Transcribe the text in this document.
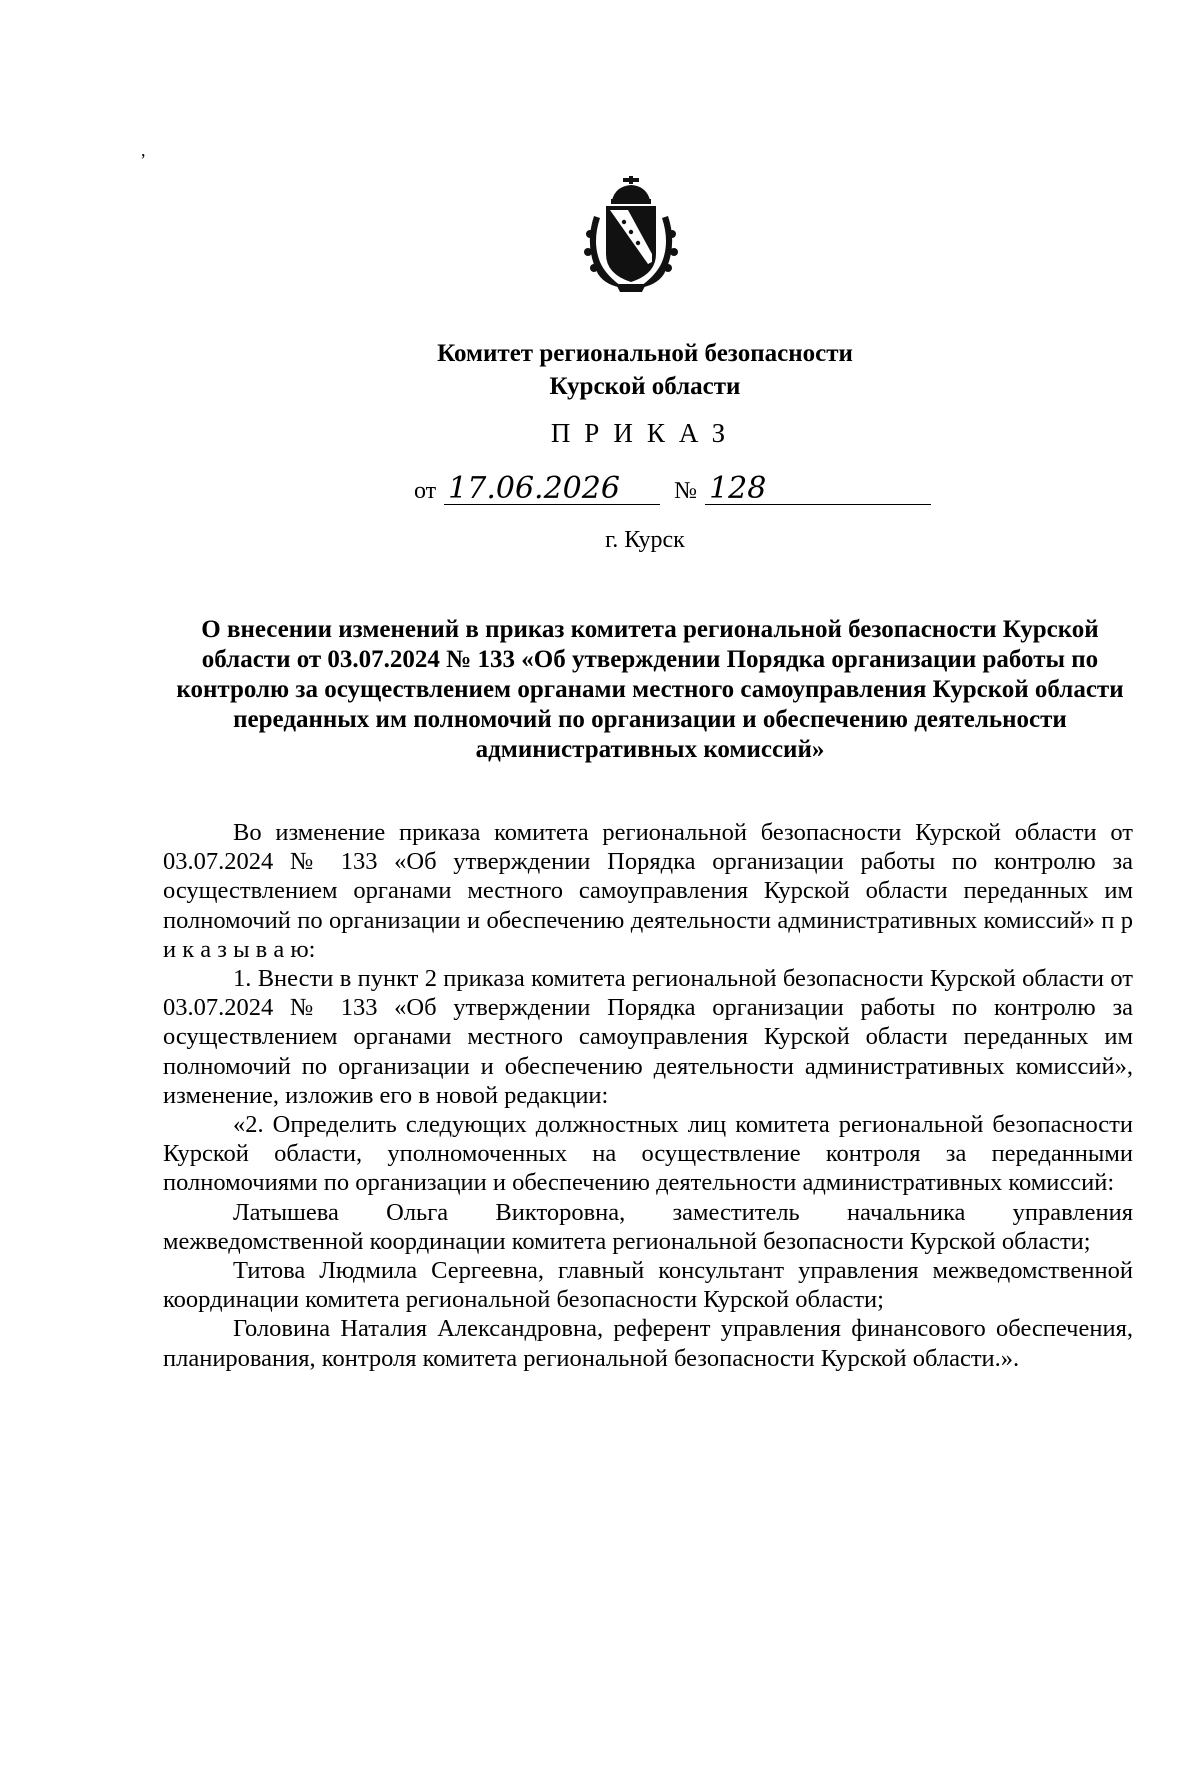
,
Комитет региональной безопасности
Курской области
ПРИКАЗ
от 17.06.2026	№ 128
г. Курск
О внесении изменений в приказ комитета региональной безопасности Курской области от 03.07.2024 № 133 «Об утверждении Порядка организации работы по контролю за осуществлением органами местного самоуправления Курской области переданных им полномочий по организации и обеспечению деятельности административных комиссий»

Во изменение приказа комитета региональной безопасности Курской области от 03.07.2024 № 133 «Об утверждении Порядка организации работы по контролю за осуществлением органами местного самоуправления Курской области переданных им полномочий по организации и обеспечению деятельности административных комиссий» п р и к а з ы в а ю:

1. Внести в пункт 2 приказа комитета региональной безопасности Курской области от 03.07.2024 № 133 «Об утверждении Порядка организации работы по контролю за осуществлением органами местного самоуправления Курской области переданных им полномочий по организации и обеспечению деятельности административных комиссий», изменение, изложив его в новой редакции:

«2. Определить следующих должностных лиц комитета региональной безопасности Курской области, уполномоченных на осуществление контроля за переданными полномочиями по организации и обеспечению деятельности административных комиссий:

Латышева Ольга Викторовна, заместитель начальника управления межведомственной координации комитета региональной безопасности Курской области;

Титова Людмила Сергеевна, главный консультант управления межведомственной координации комитета региональной безопасности Курской области;

Головина Наталия Александровна, референт управления финансового обеспечения, планирования, контроля комитета региональной безопасности Курской области.».
